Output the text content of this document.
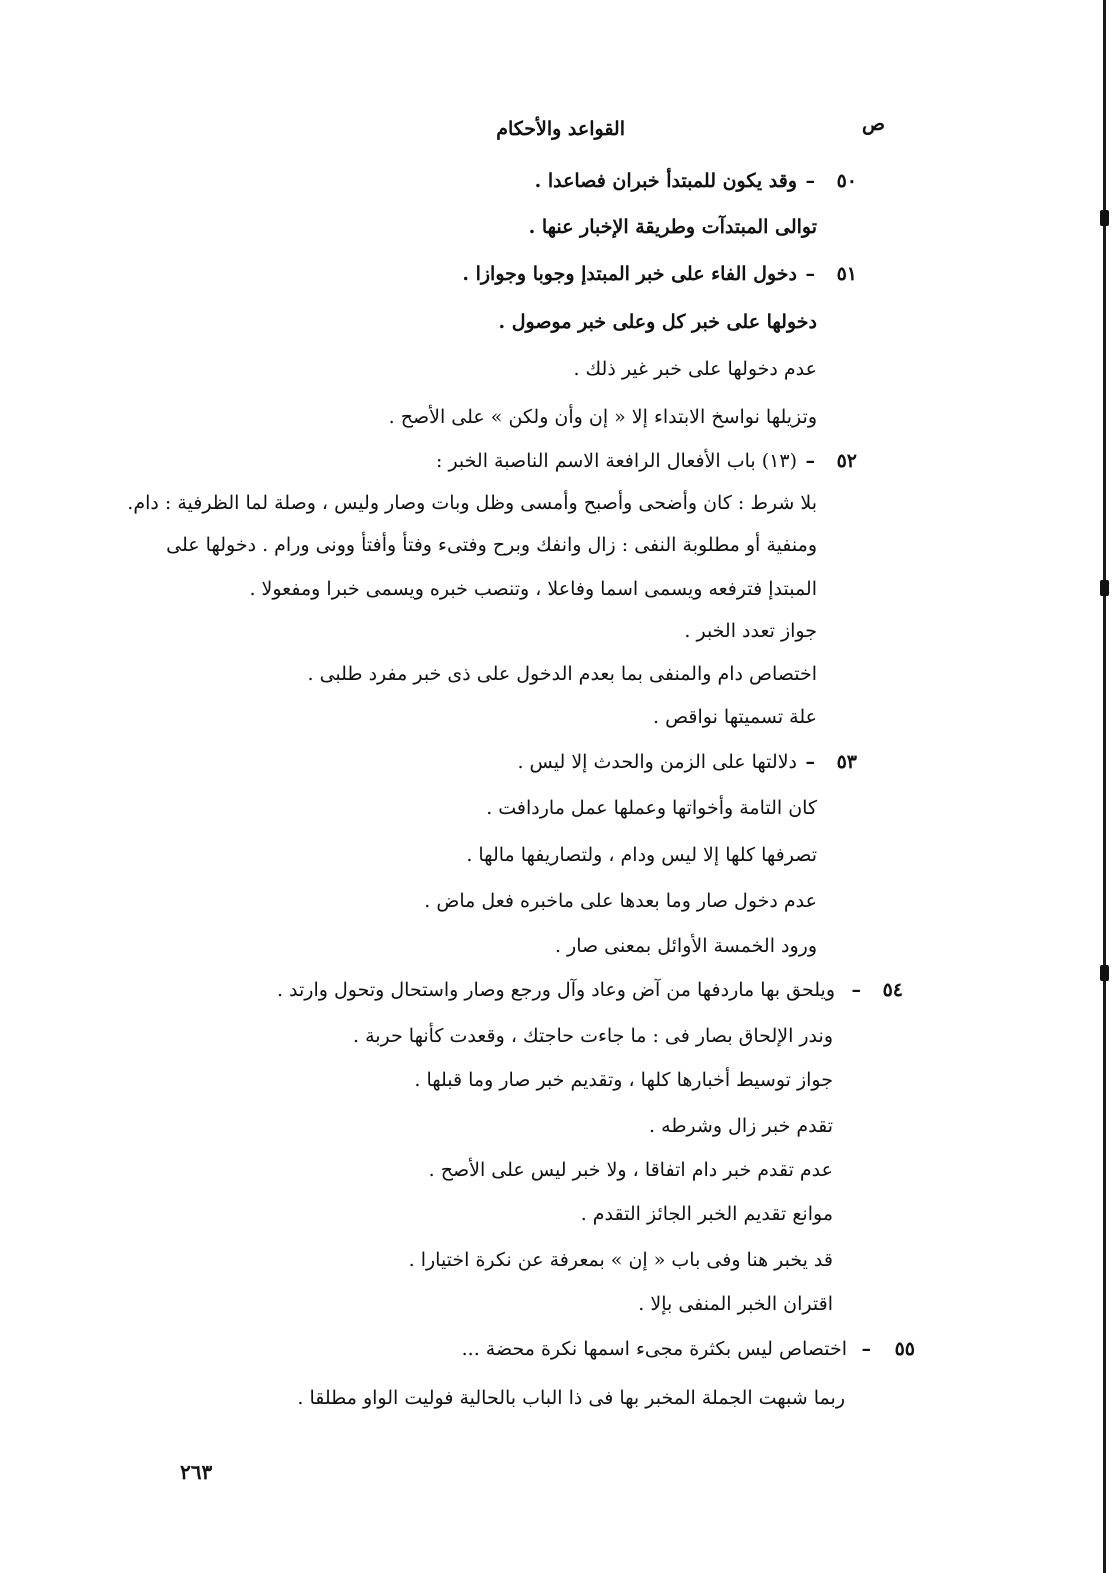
ص
القواعد والأحكام
٥٠
–
وقد يكون للمبتدأ خبران فصاعدا .
توالى المبتدآت وطريقة الإخبار عنها .
٥١
–
دخول الفاء على خبر المبتدإ وجوبا وجوازا .
دخولها على خبر كل وعلى خبر موصول .
عدم دخولها على خبر غير ذلك .
وتزيلها نواسخ الابتداء إلا « إن وأن ولكن » على الأصح .
٥٢
–
(١٣) باب الأفعال الرافعة الاسم الناصبة الخبر :
بلا شرط : كان وأضحى وأصبح وأمسى وظل وبات وصار وليس ، وصلة لما الظرفية : دام.
ومنفية أو مطلوبة النفى : زال وانفك وبرح وفتىء وفتأ وأفتأ وونى ورام . دخولها على
المبتدإ فترفعه ويسمى اسما وفاعلا ، وتنصب خبره ويسمى خبرا ومفعولا .
جواز تعدد الخبر .
اختصاص دام والمنفى بما بعدم الدخول على ذى خبر مفرد طلبى .
علة تسميتها نواقص .
٥٣
–
دلالتها على الزمن والحدث إلا ليس .
كان التامة وأخواتها وعملها عمل ماردافت .
تصرفها كلها إلا ليس ودام ، ولتصاريفها مالها .
عدم دخول صار وما بعدها على ماخبره فعل ماض .
ورود الخمسة الأوائل بمعنى صار .
٥٤
–
ويلحق بها ماردفها من آض وعاد وآل ورجع وصار واستحال وتحول وارتد .
وندر الإلحاق بصار فى : ما جاءت حاجتك ، وقعدت كأنها حربة .
جواز توسيط أخبارها كلها ، وتقديم خبر صار وما قبلها .
تقدم خبر زال وشرطه .
عدم تقدم خبر دام اتفاقا ، ولا خبر ليس على الأصح .
موانع تقديم الخبر الجائز التقدم .
قد يخبر هنا وفى باب « إن » بمعرفة عن نكرة اختيارا .
اقتران الخبر المنفى بإلا .
٥٥
–
اختصاص ليس بكثرة مجىء اسمها نكرة محضة ...
ربما شبهت الجملة المخبر بها فى ذا الباب بالحالية فوليت الواو مطلقا .
٢٦٣
